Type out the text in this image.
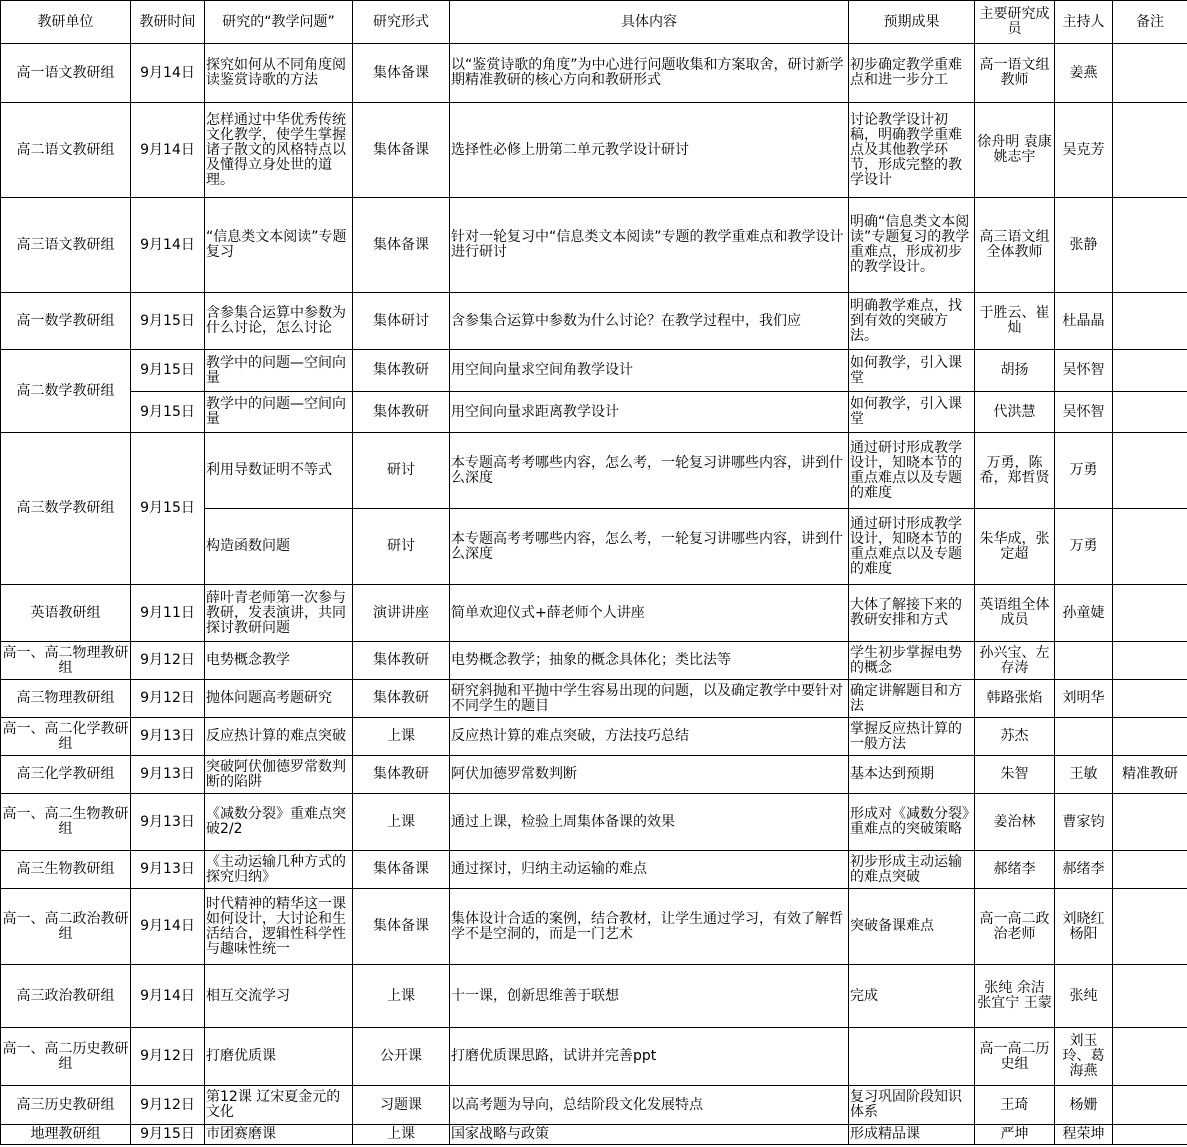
教研单位	教研时间	研究的“教学问题”	研究形式	具体内容	预期成果	主要研究成员	主持人	备注
高一语文教研组	9月14日	探究如何从不同角度阅读鉴赏诗歌的方法	集体备课	以“鉴赏诗歌的角度”为中心进行问题收集和方案取舍，研讨新学期精准教研的核心方向和教研形式	初步确定教学重难点和进一步分工	高一语文组教师	姜燕	
高二语文教研组	9月14日	怎样通过中华优秀传统文化教学，使学生掌握诸子散文的风格特点以及懂得立身处世的道理。	集体备课	选择性必修上册第二单元教学设计研讨	讨论教学设计初稿，明确教学重难点及其他教学环节，形成完整的教学设计	徐舟明 袁康 姚志宇	吴克芳	
高三语文教研组	9月14日	“信息类文本阅读”专题复习	集体备课	针对一轮复习中“信息类文本阅读”专题的教学重难点和教学设计进行研讨	明确“信息类文本阅读”专题复习的教学重难点，形成初步的教学设计。	高三语文组全体教师	张静	
高一数学教研组	9月15日	含参集合运算中参数为什么讨论，怎么讨论	集体研讨	含参集合运算中参数为什么讨论？在教学过程中，我们应	明确教学难点，找到有效的突破方法。	于胜云、崔灿	杜晶晶	
高二数学教研组	9月15日	教学中的问题—空间向量	集体教研	用空间向量求空间角教学设计	如何教学，引入课堂	胡扬	吴怀智	
	9月15日	教学中的问题—空间向量	集体教研	用空间向量求距离教学设计	如何教学，引入课堂	代洪慧	吴怀智	
高三数学教研组	9月15日	利用导数证明不等式	研讨	本专题高考考哪些内容，怎么考，一轮复习讲哪些内容，讲到什么深度	通过研讨形成教学设计，知晓本节的重点难点以及专题的难度	万勇，陈希，郑哲贤	万勇	
		构造函数问题	研讨	本专题高考考哪些内容，怎么考，一轮复习讲哪些内容，讲到什么深度	通过研讨形成教学设计，知晓本节的重点难点以及专题的难度	朱华成，张定超	万勇	
英语教研组	9月11日	薛叶青老师第一次参与教研，发表演讲，共同探讨教研问题	演讲讲座	简单欢迎仪式+薛老师个人讲座	大体了解接下来的教研安排和方式	英语组全体成员	孙童婕	
高一、高二物理教研组	9月12日	电势概念教学	集体教研	电势概念教学；抽象的概念具体化；类比法等	学生初步掌握电势的概念	孙兴宝、左存涛		
高三物理教研组	9月12日	抛体问题高考题研究	集体教研	研究斜抛和平抛中学生容易出现的问题，以及确定教学中要针对不同学生的题目	确定讲解题目和方法	韩路张焰	刘明华	
高一、高二化学教研组	9月13日	反应热计算的难点突破	上课	反应热计算的难点突破，方法技巧总结	掌握反应热计算的一般方法	苏杰		
高三化学教研组	9月13日	突破阿伏伽德罗常数判断的陷阱	集体教研	阿伏加德罗常数判断	基本达到预期	朱智	王敏	精准教研
高一、高二生物教研组	9月13日	《减数分裂》重难点突破2/2	上课	通过上课，检验上周集体备课的效果	形成对《减数分裂》重难点的突破策略	姜治林	曹家钧	
高三生物教研组	9月13日	《主动运输几种方式的探究归纳》	集体备课	通过探讨，归纳主动运输的难点	初步形成主动运输的难点突破	郝绪李	郝绪李	
高一、高二政治教研组	9月14日	时代精神的精华这一课如何设计，大讨论和生活结合，逻辑性科学性与趣味性统一	集体备课	集体设计合适的案例，结合教材，让学生通过学习，有效了解哲学不是空洞的，而是一门艺术	突破备课难点	高一高二政治老师	刘晓红 杨阳	
高三政治教研组	9月14日	相互交流学习	上课	十一课，创新思维善于联想	完成	张纯 余洁 张宜宁 王蒙	张纯	
高一、高二历史教研组	9月12日	打磨优质课	公开课	打磨优质课思路，试讲并完善ppt		高一高二历史组	刘玉玲、葛海燕	
高三历史教研组	9月12日	第12课 辽宋夏金元的文化	习题课	以高考题为导向，总结阶段文化发展特点	复习巩固阶段知识体系	王琦	杨姗	
地理教研组	9月15日	市团赛磨课	上课	国家战略与政策	形成精品课	严坤	程荣坤	
